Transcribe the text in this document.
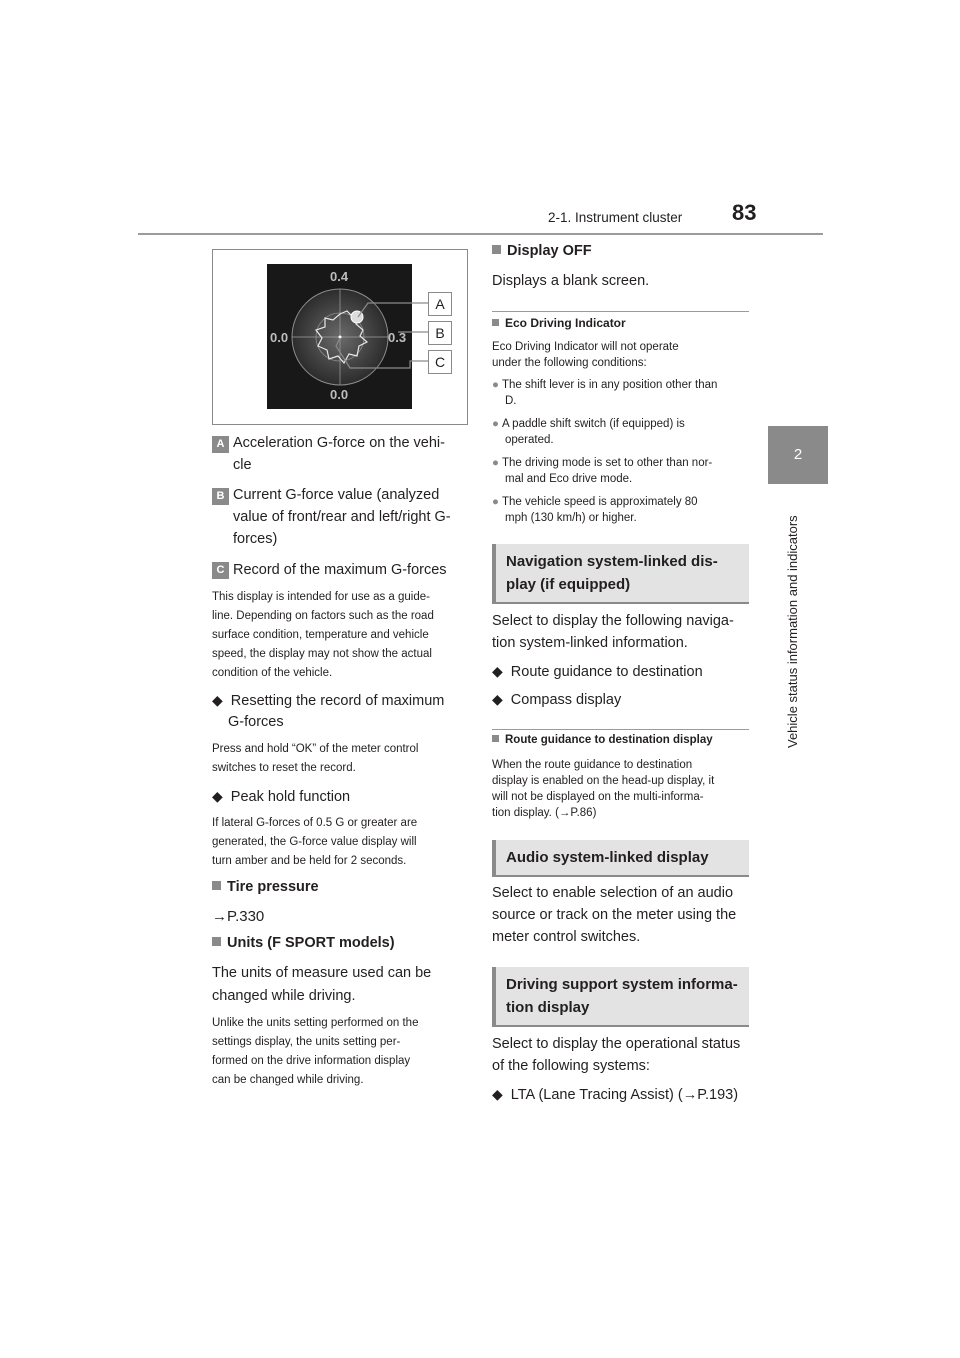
2-1. Instrument cluster 83
2
Vehicle status information and indicators
0.4
0.0	0.3
0.0
A
B
C
A Acceleration G-force on the vehi-
cle
B Current G-force value (analyzed
value of front/rear and left/right G-
forces)
C Record of the maximum G-forces
This display is intended for use as a guide-
line. Depending on factors such as the road
surface condition, temperature and vehicle
speed, the display may not show the actual
condition of the vehicle.
◆ Resetting the record of maximum
G-forces
Press and hold “OK” of the meter control
switches to reset the record.
◆ Peak hold function
If lateral G-forces of 0.5 G or greater are
generated, the G-force value display will
turn amber and be held for 2 seconds.
Tire pressure
→P.330
Units (F SPORT models)
The units of measure used can be
changed while driving.
Unlike the units setting performed on the
settings display, the units setting per-
formed on the drive information display
can be changed while driving.
Display OFF
Displays a blank screen.
Eco Driving Indicator
Eco Driving Indicator will not operate
under the following conditions:
● The shift lever is in any position other than
D.
● A paddle shift switch (if equipped) is
operated.
● The driving mode is set to other than nor-
mal and Eco drive mode.
● The vehicle speed is approximately 80
mph (130 km/h) or higher.
Navigation system-linked dis-
play (if equipped)
Select to display the following naviga-
tion system-linked information.
◆ Route guidance to destination
◆ Compass display
Route guidance to destination display
When the route guidance to destination
display is enabled on the head-up display, it
will not be displayed on the multi-informa-
tion display. (→P.86)
Audio system-linked display
Select to enable selection of an audio
source or track on the meter using the
meter control switches.
Driving support system informa-
tion display
Select to display the operational status
of the following systems:
◆ LTA (Lane Tracing Assist) (→P.193)
